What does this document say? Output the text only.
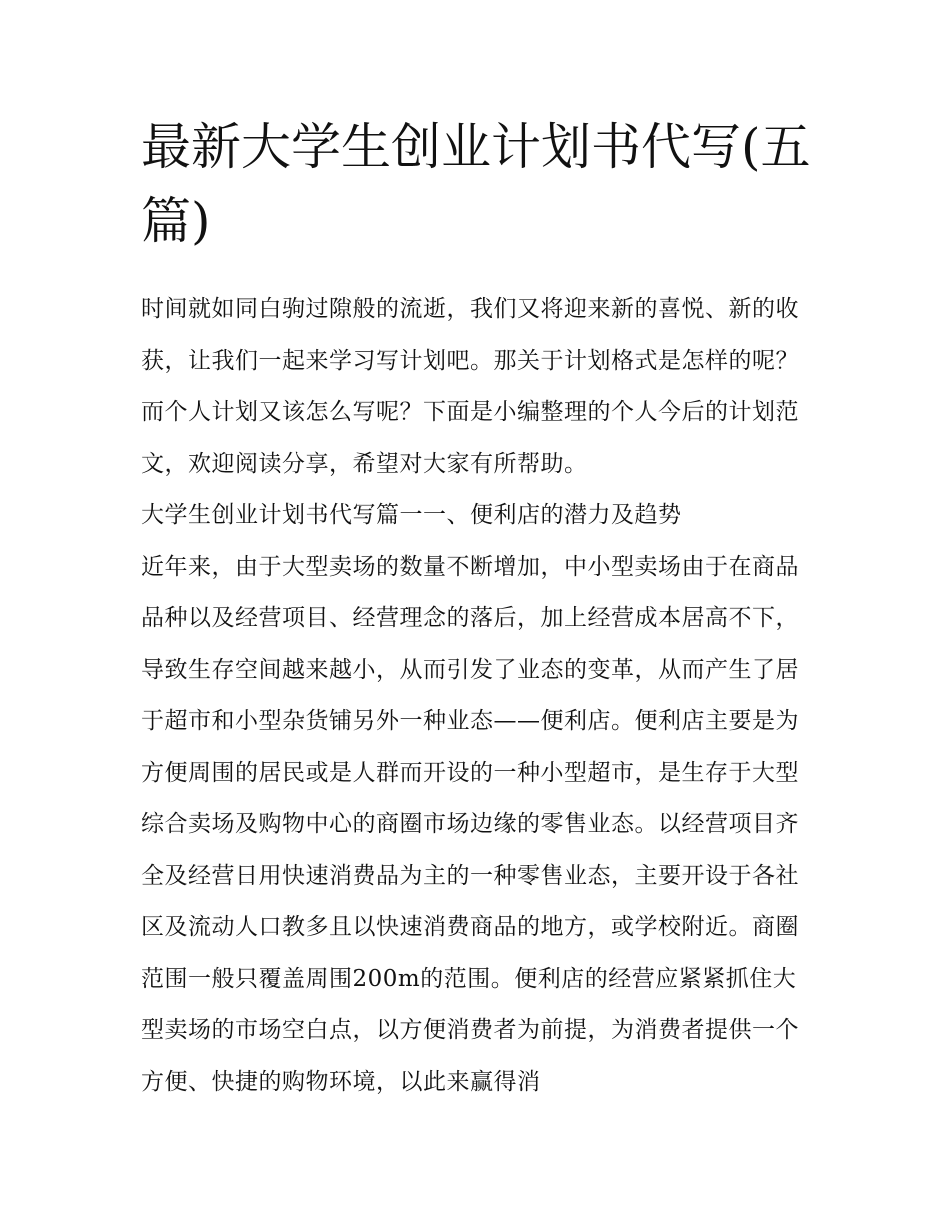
最新大学生创业计划书代写(五篇)

时间就如同白驹过隙般的流逝，我们又将迎来新的喜悦、新的收获，让我们一起来学习写计划吧。那关于计划格式是怎样的呢？而个人计划又该怎么写呢？下面是小编整理的个人今后的计划范文，欢迎阅读分享，希望对大家有所帮助。

大学生创业计划书代写篇一一、便利店的潜力及趋势

近年来，由于大型卖场的数量不断增加，中小型卖场由于在商品品种以及经营项目、经营理念的落后，加上经营成本居高不下，导致生存空间越来越小，从而引发了业态的变革，从而产生了居于超市和小型杂货铺另外一种业态——便利店。便利店主要是为方便周围的居民或是人群而开设的一种小型超市，是生存于大型综合卖场及购物中心的商圈市场边缘的零售业态。以经营项目齐全及经营日用快速消费品为主的一种零售业态，主要开设于各社区及流动人口教多且以快速消费商品的地方，或学校附近。商圈范围一般只覆盖周围200m的范围。便利店的经营应紧紧抓住大型卖场的市场空白点，以方便消费者为前提，为消费者提供一个方便、快捷的购物环境，以此来赢得消
